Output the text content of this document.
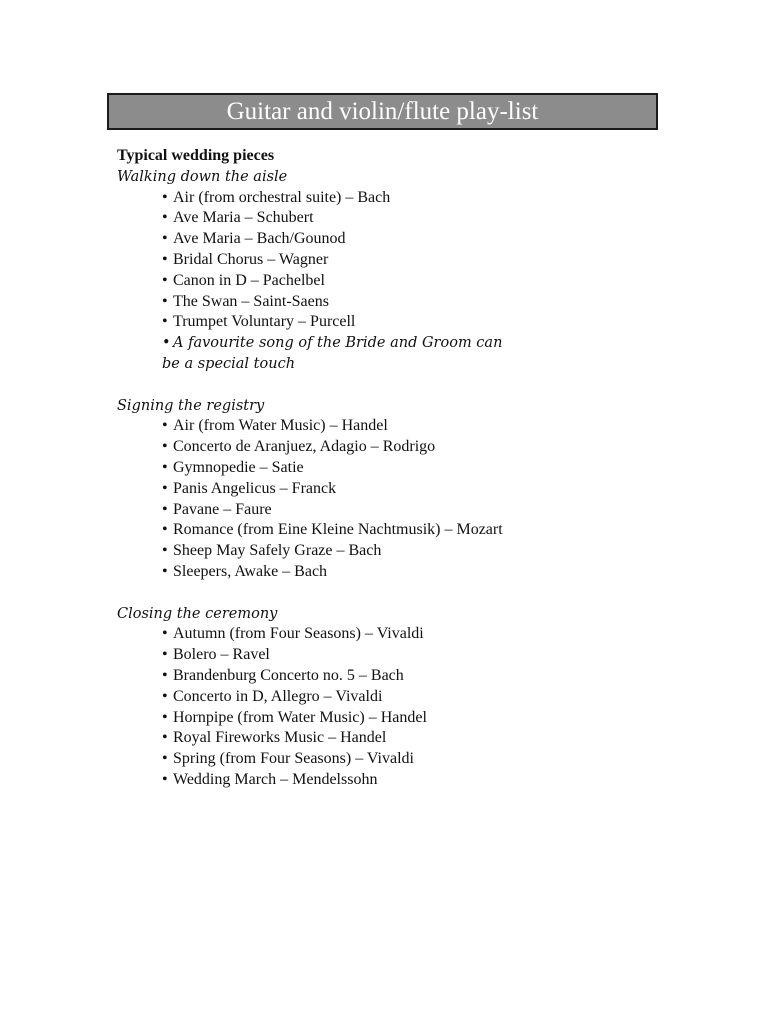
Guitar and violin/flute play-list
Typical wedding pieces
Walking down the aisle
• Air (from orchestral suite) – Bach
• Ave Maria – Schubert
• Ave Maria – Bach/Gounod
• Bridal Chorus – Wagner
• Canon in D – Pachelbel
• The Swan – Saint-Saens
• Trumpet Voluntary – Purcell
• A favourite song of the Bride and Groom can
be a special touch
Signing the registry
• Air (from Water Music) – Handel
• Concerto de Aranjuez, Adagio – Rodrigo
• Gymnopedie – Satie
• Panis Angelicus – Franck
• Pavane – Faure
• Romance (from Eine Kleine Nachtmusik) – Mozart
• Sheep May Safely Graze – Bach
• Sleepers, Awake – Bach
Closing the ceremony
• Autumn (from Four Seasons) – Vivaldi
• Bolero – Ravel
• Brandenburg Concerto no. 5 – Bach
• Concerto in D, Allegro – Vivaldi
• Hornpipe (from Water Music) – Handel
• Royal Fireworks Music – Handel
• Spring (from Four Seasons) – Vivaldi
• Wedding March – Mendelssohn
